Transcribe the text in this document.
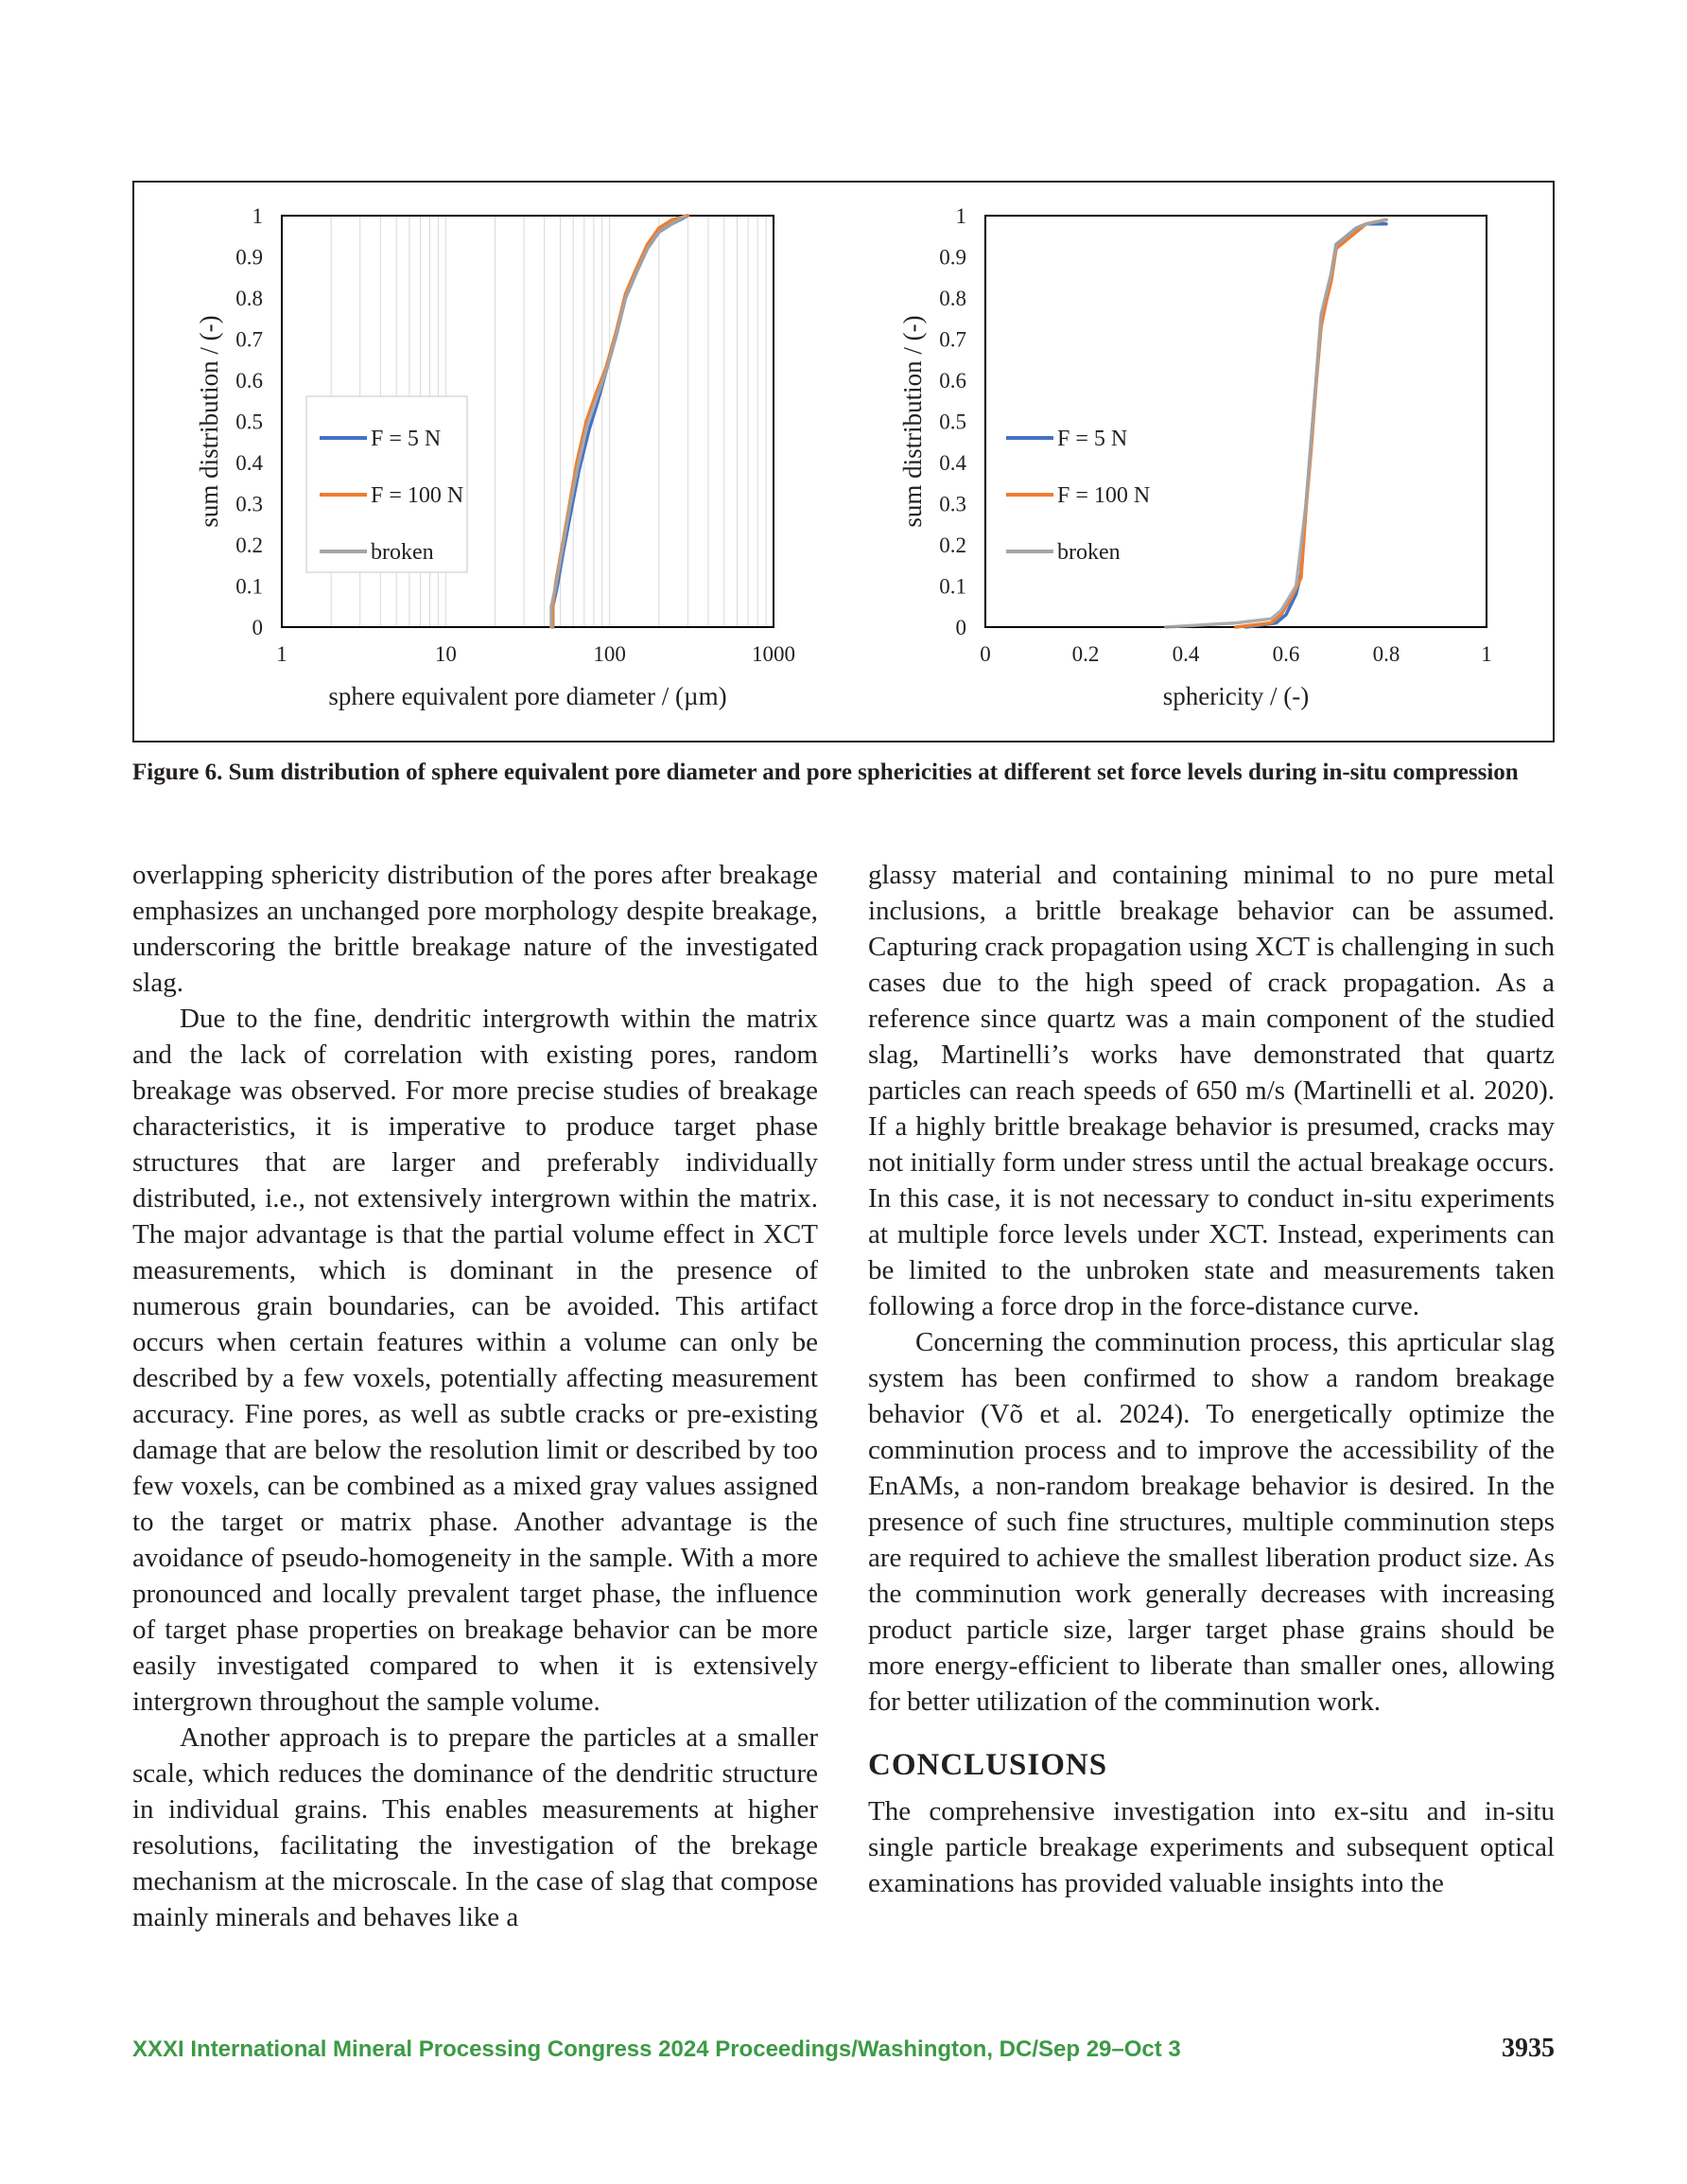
0
0.1
0.2
0.3
0.4
0.5
0.6
0.7
0.8
0.9
1
1	10	100	1000
sphere equivalent pore diameter / (µm)
sum distribution / (-)	F = 5 N
F = 100 N
broken
0
0.1
0.2
0.3
0.4
0.5
0.6
0.7
0.8
0.9
1
0	0.2	0.4	0.6	0.8	1
sphericity / (-)
sum distribution / (-)	F = 5 N
F = 100 N
broken

Figure 6. Sum distribution of sphere equivalent pore diameter and pore sphericities at different set force levels during in-situ compression

overlapping sphericity distribution of the pores after breakage emphasizes an unchanged pore morphology despite breakage, underscoring the brittle breakage nature of the investigated slag.

Due to the fine, dendritic intergrowth within the matrix and the lack of correlation with existing pores, random breakage was observed. For more precise studies of breakage characteristics, it is imperative to produce target phase structures that are larger and preferably individually distributed, i.e., not extensively intergrown within the matrix. The major advantage is that the partial volume effect in XCT measurements, which is dominant in the presence of numerous grain boundaries, can be avoided. This artifact occurs when certain features within a volume can only be described by a few voxels, potentially affecting measurement accuracy. Fine pores, as well as subtle cracks or pre-existing damage that are below the resolution limit or described by too few voxels, can be combined as a mixed gray values assigned to the target or matrix phase. Another advantage is the avoidance of pseudo-homogeneity in the sample. With a more pronounced and locally prevalent target phase, the influence of target phase properties on breakage behavior can be more easily investigated compared to when it is extensively intergrown throughout the sample volume.

Another approach is to prepare the particles at a smaller scale, which reduces the dominance of the dendritic structure in individual grains. This enables measurements at higher resolutions, facilitating the investigation of the brekage mechanism at the microscale. In the case of slag that compose mainly minerals and behaves like a

glassy material and containing minimal to no pure metal inclusions, a brittle breakage behavior can be assumed. Capturing crack propagation using XCT is challenging in such cases due to the high speed of crack propagation. As a reference since quartz was a main component of the studied slag, Martinelli’s works have demonstrated that quartz particles can reach speeds of 650 m/s (Martinelli et al. 2020). If a highly brittle breakage behavior is presumed, cracks may not initially form under stress until the actual breakage occurs. In this case, it is not necessary to conduct in-situ experiments at multiple force levels under XCT. Instead, experiments can be limited to the unbroken state and measurements taken following a force drop in the force-distance curve.

Concerning the comminution process, this aprticular slag system has been confirmed to show a random breakage behavior (Võ et al. 2024). To energetically optimize the comminution process and to improve the accessibility of the EnAMs, a non-random breakage behavior is desired. In the presence of such fine structures, multiple comminution steps are required to achieve the smallest liberation product size. As the comminution work generally decreases with increasing product particle size, larger target phase grains should be more energy-efficient to liberate than smaller ones, allowing for better utilization of the comminution work.

CONCLUSIONS

The comprehensive investigation into ex-situ and in-situ single particle breakage experiments and subsequent optical examinations has provided valuable insights into the

XXXI International Mineral Processing Congress 2024 Proceedings/Washington, DC/Sep 29–Oct 3	3935
